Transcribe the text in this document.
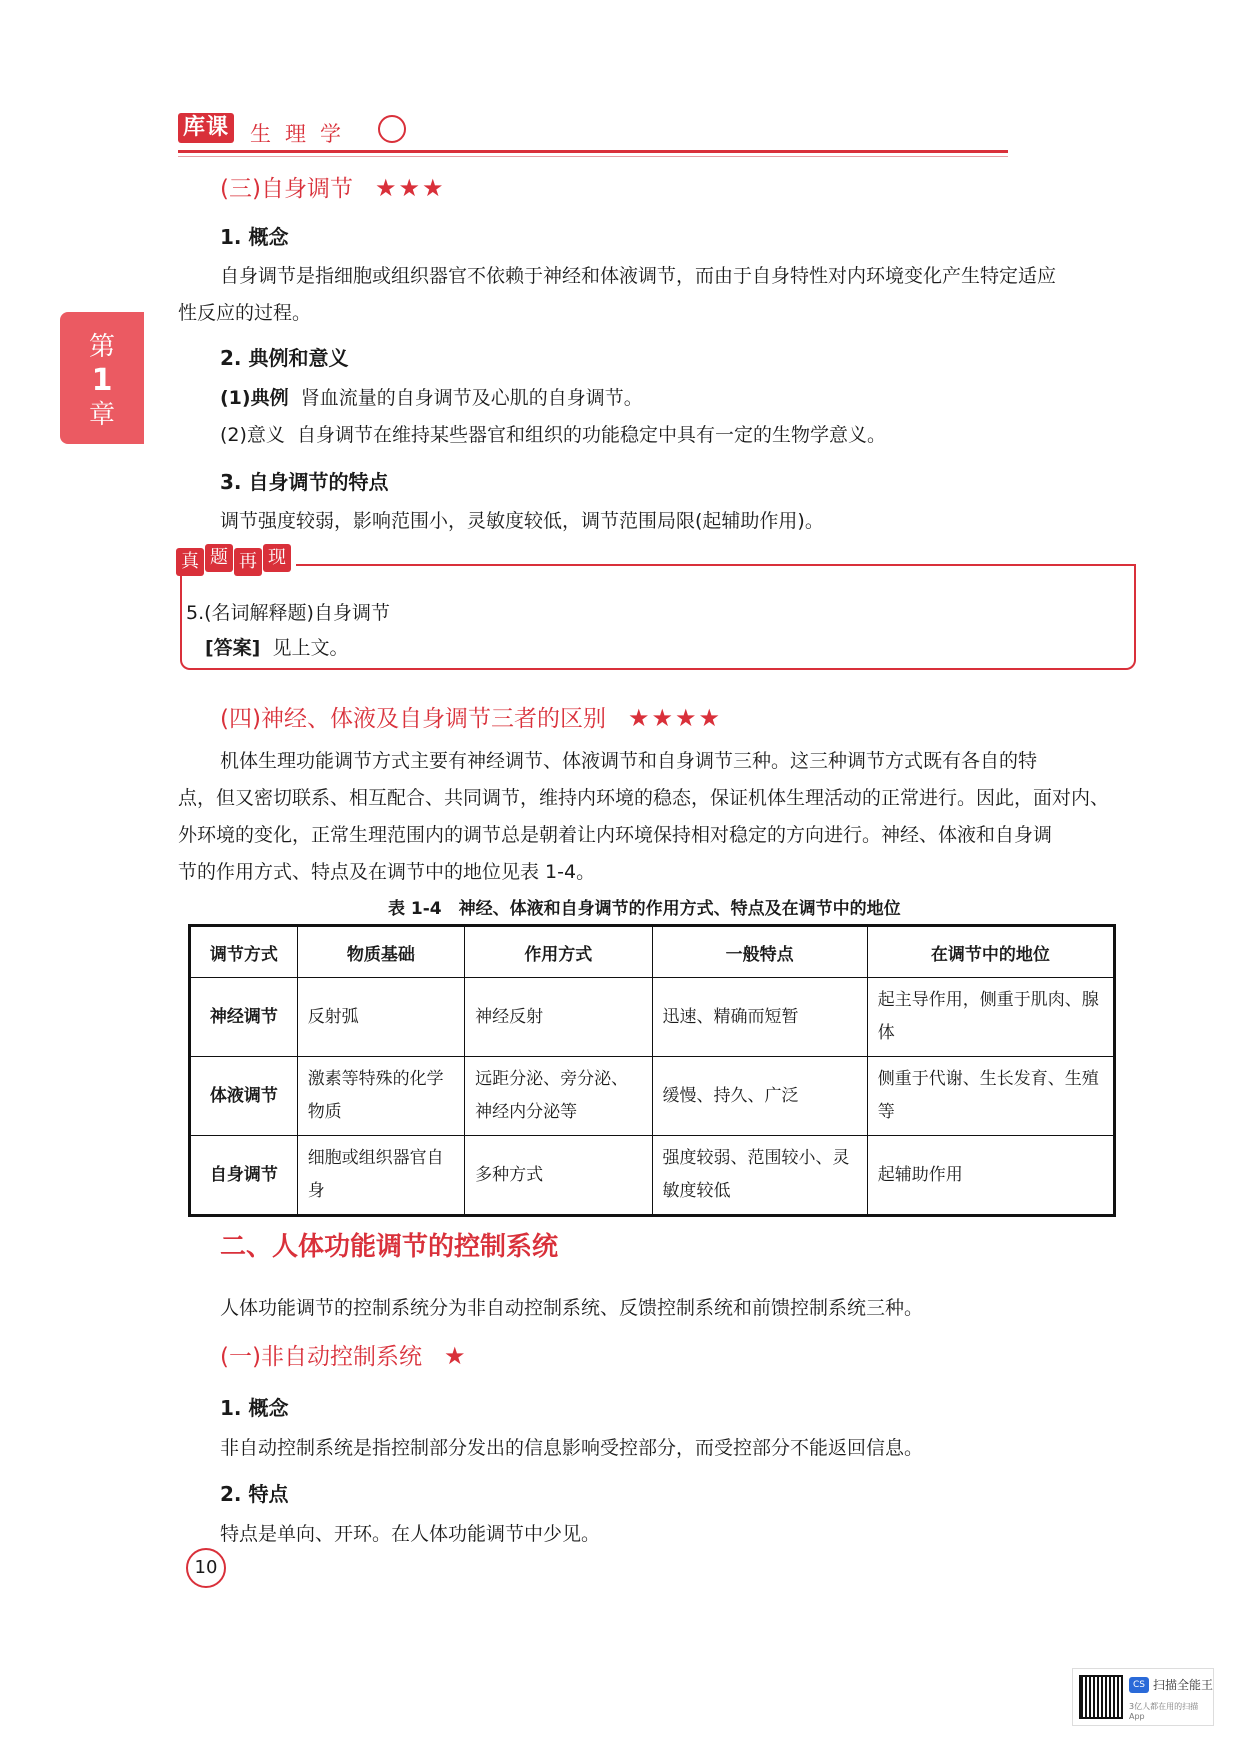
库课 生理学
第
1
章
(三)自身调节 ★★★
1. 概念
自身调节是指细胞或组织器官不依赖于神经和体液调节，而由于自身特性对内环境变化产生特定适应
性反应的过程。
2. 典例和意义
(1)典例 肾血流量的自身调节及心肌的自身调节。
(2)意义 自身调节在维持某些器官和组织的功能稳定中具有一定的生物学意义。
3. 自身调节的特点
调节强度较弱，影响范围小，灵敏度较低，调节范围局限(起辅助作用)。
真 题 再 现
5.(名词解释题)自身调节
[答案] 见上文。
(四)神经、体液及自身调节三者的区别 ★★★★
机体生理功能调节方式主要有神经调节、体液调节和自身调节三种。这三种调节方式既有各自的特
点，但又密切联系、相互配合、共同调节，维持内环境的稳态，保证机体生理活动的正常进行。因此，面对内、
外环境的变化，正常生理范围内的调节总是朝着让内环境保持相对稳定的方向进行。神经、体液和自身调
节的作用方式、特点及在调节中的地位见表 1-4。
表 1-4　神经、体液和自身调节的作用方式、特点及在调节中的地位
调节方式	物质基础	作用方式	一般特点	在调节中的地位
神经调节	反射弧	神经反射	迅速、精确而短暂	起主导作用，侧重于肌肉、腺体
体液调节	激素等特殊的化学物质	远距分泌、旁分泌、神经内分泌等	缓慢、持久、广泛	侧重于代谢、生长发育、生殖等
自身调节	细胞或组织器官自身	多种方式	强度较弱、范围较小、灵敏度较低	起辅助作用
二、人体功能调节的控制系统
人体功能调节的控制系统分为非自动控制系统、反馈控制系统和前馈控制系统三种。
(一)非自动控制系统 ★
1. 概念
非自动控制系统是指控制部分发出的信息影响受控部分，而受控部分不能返回信息。
2. 特点
特点是单向、开环。在人体功能调节中少见。
10
CS 扫描全能王
3亿人都在用的扫描App
